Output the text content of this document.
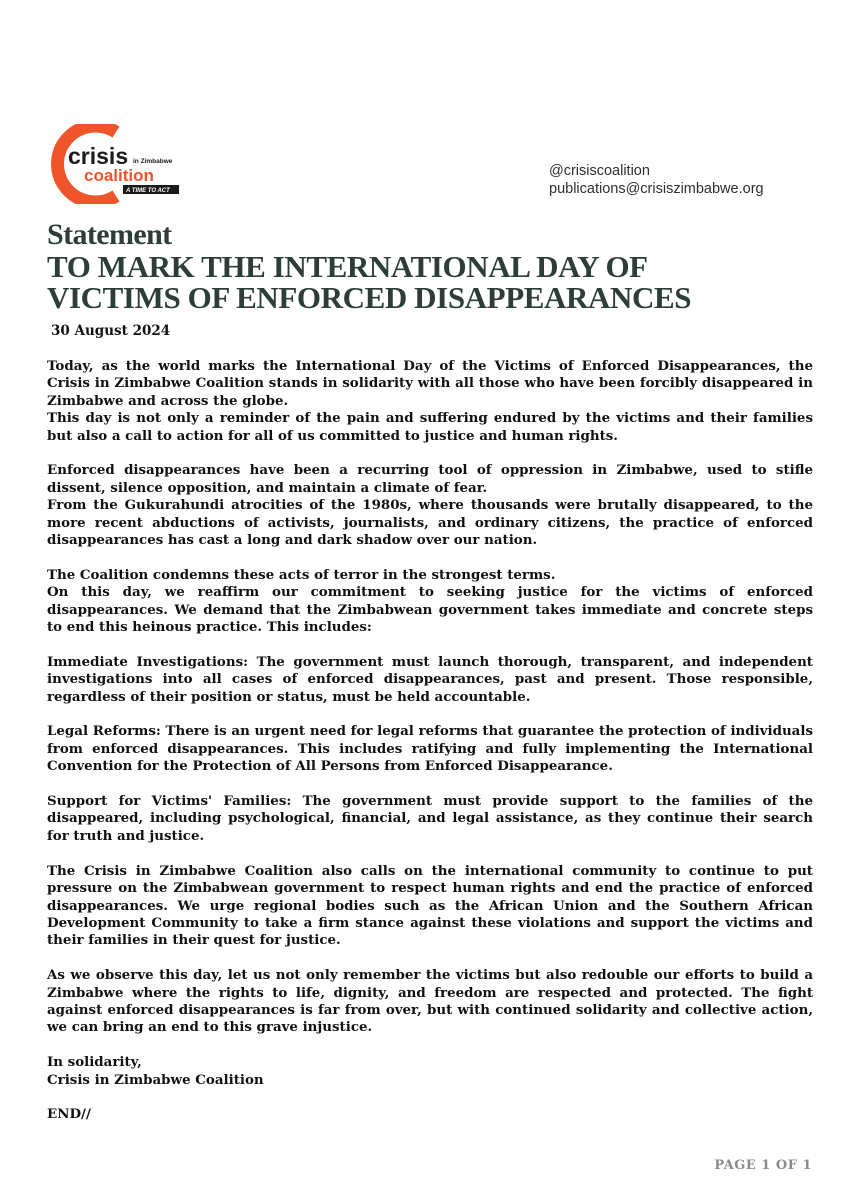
crisis in Zimbabwe
coalition
A TIME TO ACT
@crisiscoalition
publications@crisiszimbabwe.org
Statement
TO MARK THE INTERNATIONAL DAY OF
VICTIMS OF ENFORCED DISAPPEARANCES
30 August 2024

Today, as the world marks the International Day of the Victims of Enforced Disappearances, the Crisis in Zimbabwe Coalition stands in solidarity with all those who have been forcibly disappeared in Zimbabwe and across the globe.

This day is not only a reminder of the pain and suffering endured by the victims and their families but also a call to action for all of us committed to justice and human rights.

Enforced disappearances have been a recurring tool of oppression in Zimbabwe, used to stifle dissent, silence opposition, and maintain a climate of fear.

From the Gukurahundi atrocities of the 1980s, where thousands were brutally disappeared, to the more recent abductions of activists, journalists, and ordinary citizens, the practice of enforced disappearances has cast a long and dark shadow over our nation.

The Coalition condemns these acts of terror in the strongest terms.

On this day, we reaffirm our commitment to seeking justice for the victims of enforced disappearances. We demand that the Zimbabwean government takes immediate and concrete steps to end this heinous practice. This includes:

Immediate Investigations: The government must launch thorough, transparent, and independent investigations into all cases of enforced disappearances, past and present. Those responsible, regardless of their position or status, must be held accountable.

Legal Reforms: There is an urgent need for legal reforms that guarantee the protection of individuals from enforced disappearances. This includes ratifying and fully implementing the International Convention for the Protection of All Persons from Enforced Disappearance.

Support for Victims' Families: The government must provide support to the families of the disappeared, including psychological, financial, and legal assistance, as they continue their search for truth and justice.

The Crisis in Zimbabwe Coalition also calls on the international community to continue to put pressure on the Zimbabwean government to respect human rights and end the practice of enforced disappearances. We urge regional bodies such as the African Union and the Southern African Development Community to take a firm stance against these violations and support the victims and their families in their quest for justice.

As we observe this day, let us not only remember the victims but also redouble our efforts to build a Zimbabwe where the rights to life, dignity, and freedom are respected and protected. The fight against enforced disappearances is far from over, but with continued solidarity and collective action, we can bring an end to this grave injustice.

In solidarity,

Crisis in Zimbabwe Coalition

END//

PAGE 1 OF 1
